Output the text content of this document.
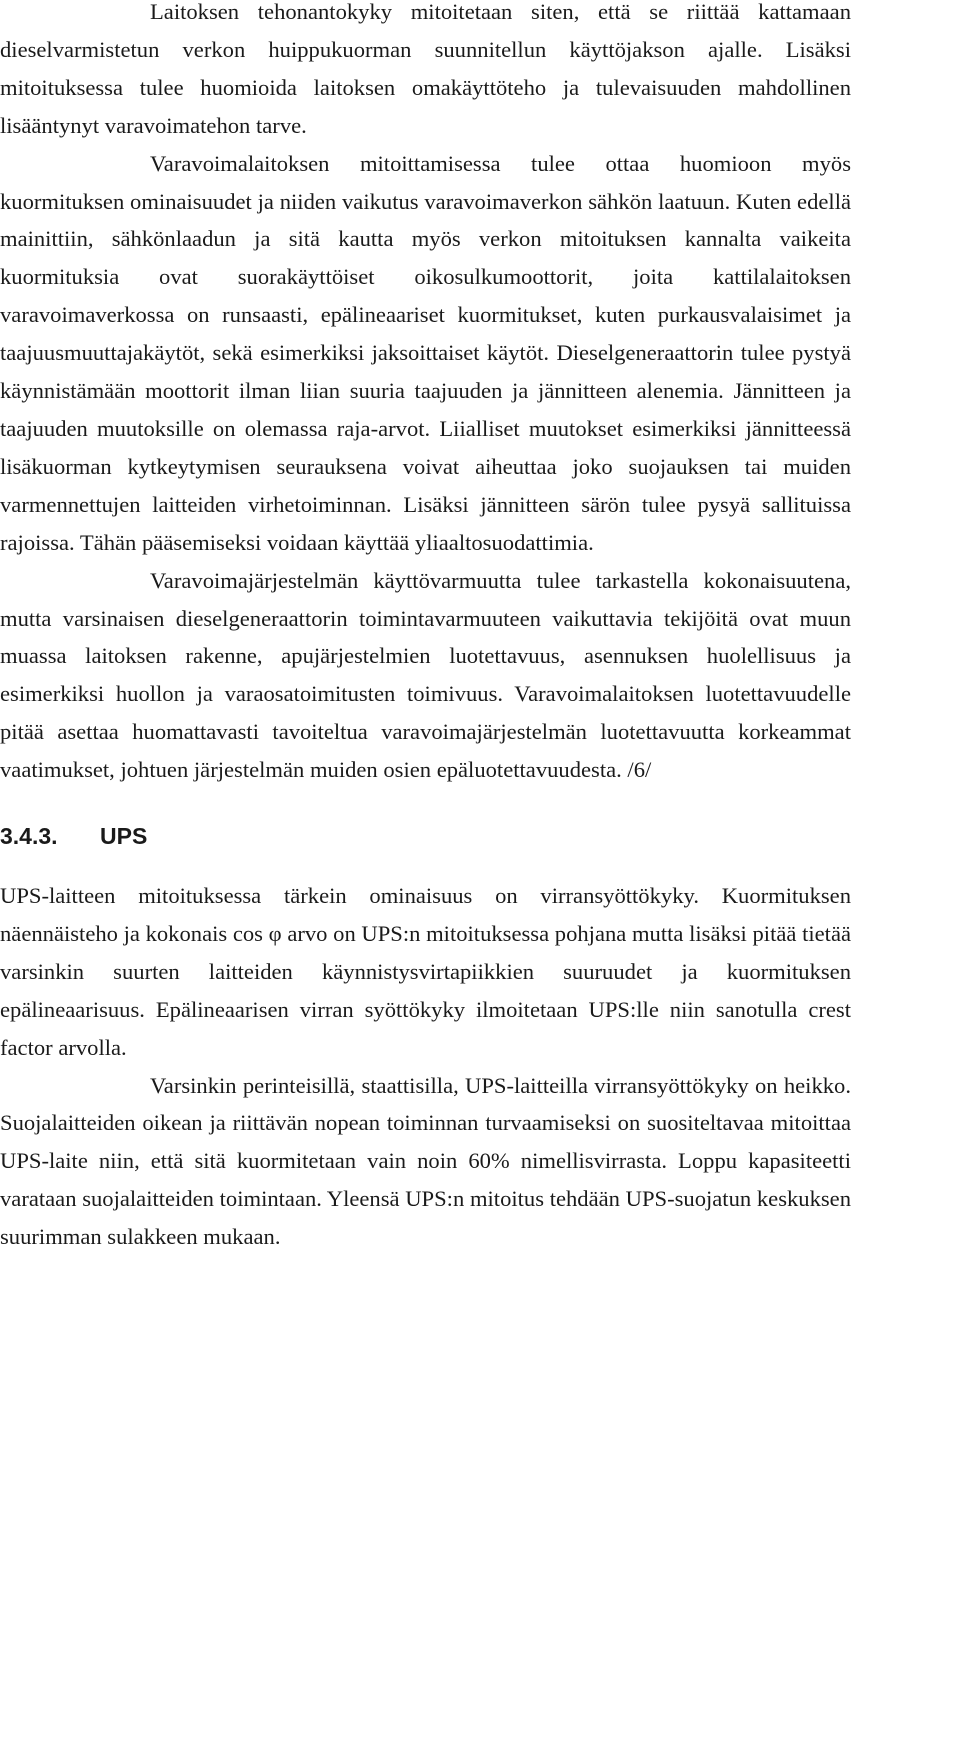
Laitoksen tehonantokyky mitoitetaan siten, että se riittää kattamaan dieselvarmistetun verkon huippukuorman suunnitellun käyttöjakson ajalle. Lisäksi mitoituksessa tulee huomioida laitoksen omakäyttöteho ja tulevaisuuden mahdollinen lisääntynyt varavoimatehon tarve.

Varavoimalaitoksen mitoittamisessa tulee ottaa huomioon myös kuormituksen ominaisuudet ja niiden vaikutus varavoimaverkon sähkön laatuun. Kuten edellä mainittiin, sähkönlaadun ja sitä kautta myös verkon mitoituksen kannalta vaikeita kuormituksia ovat suorakäyttöiset oikosulkumoottorit, joita kattilalaitoksen varavoimaverkossa on runsaasti, epälineaariset kuormitukset, kuten purkausvalaisimet ja taajuusmuuttajakäytöt, sekä esimerkiksi jaksoittaiset käytöt. Dieselgeneraattorin tulee pystyä käynnistämään moottorit ilman liian suuria taajuuden ja jännitteen alenemia. Jännitteen ja taajuuden muutoksille on olemassa raja-arvot. Liialliset muutokset esimerkiksi jännitteessä lisäkuorman kytkeytymisen seurauksena voivat aiheuttaa joko suojauksen tai muiden varmennettujen laitteiden virhetoiminnan. Lisäksi jännitteen särön tulee pysyä sallituissa rajoissa. Tähän pääsemiseksi voidaan käyttää yliaaltosuodattimia.

Varavoimajärjestelmän käyttövarmuutta tulee tarkastella kokonaisuutena, mutta varsinaisen dieselgeneraattorin toimintavarmuuteen vaikuttavia tekijöitä ovat muun muassa laitoksen rakenne, apujärjestelmien luotettavuus, asennuksen huolellisuus ja esimerkiksi huollon ja varaosatoimitusten toimivuus. Varavoimalaitoksen luotettavuudelle pitää asettaa huomattavasti tavoiteltua varavoimajärjestelmän luotettavuutta korkeammat vaatimukset, johtuen järjestelmän muiden osien epäluotettavuudesta. /6/

3.4.3. UPS

UPS-laitteen mitoituksessa tärkein ominaisuus on virransyöttökyky. Kuormituksen näennäisteho ja kokonais cos φ arvo on UPS:n mitoituksessa pohjana mutta lisäksi pitää tietää varsinkin suurten laitteiden käynnistysvirtapiikkien suuruudet ja kuormituksen epälineaarisuus. Epälineaarisen virran syöttökyky ilmoitetaan UPS:lle niin sanotulla crest factor arvolla.

Varsinkin perinteisillä, staattisilla, UPS-laitteilla virransyöttökyky on heikko. Suojalaitteiden oikean ja riittävän nopean toiminnan turvaamiseksi on suositeltavaa mitoittaa UPS-laite niin, että sitä kuormitetaan vain noin 60% nimellisvirrasta. Loppu kapasiteetti varataan suojalaitteiden toimintaan. Yleensä UPS:n mitoitus tehdään UPS-suojatun keskuksen suurimman sulakkeen mukaan.
